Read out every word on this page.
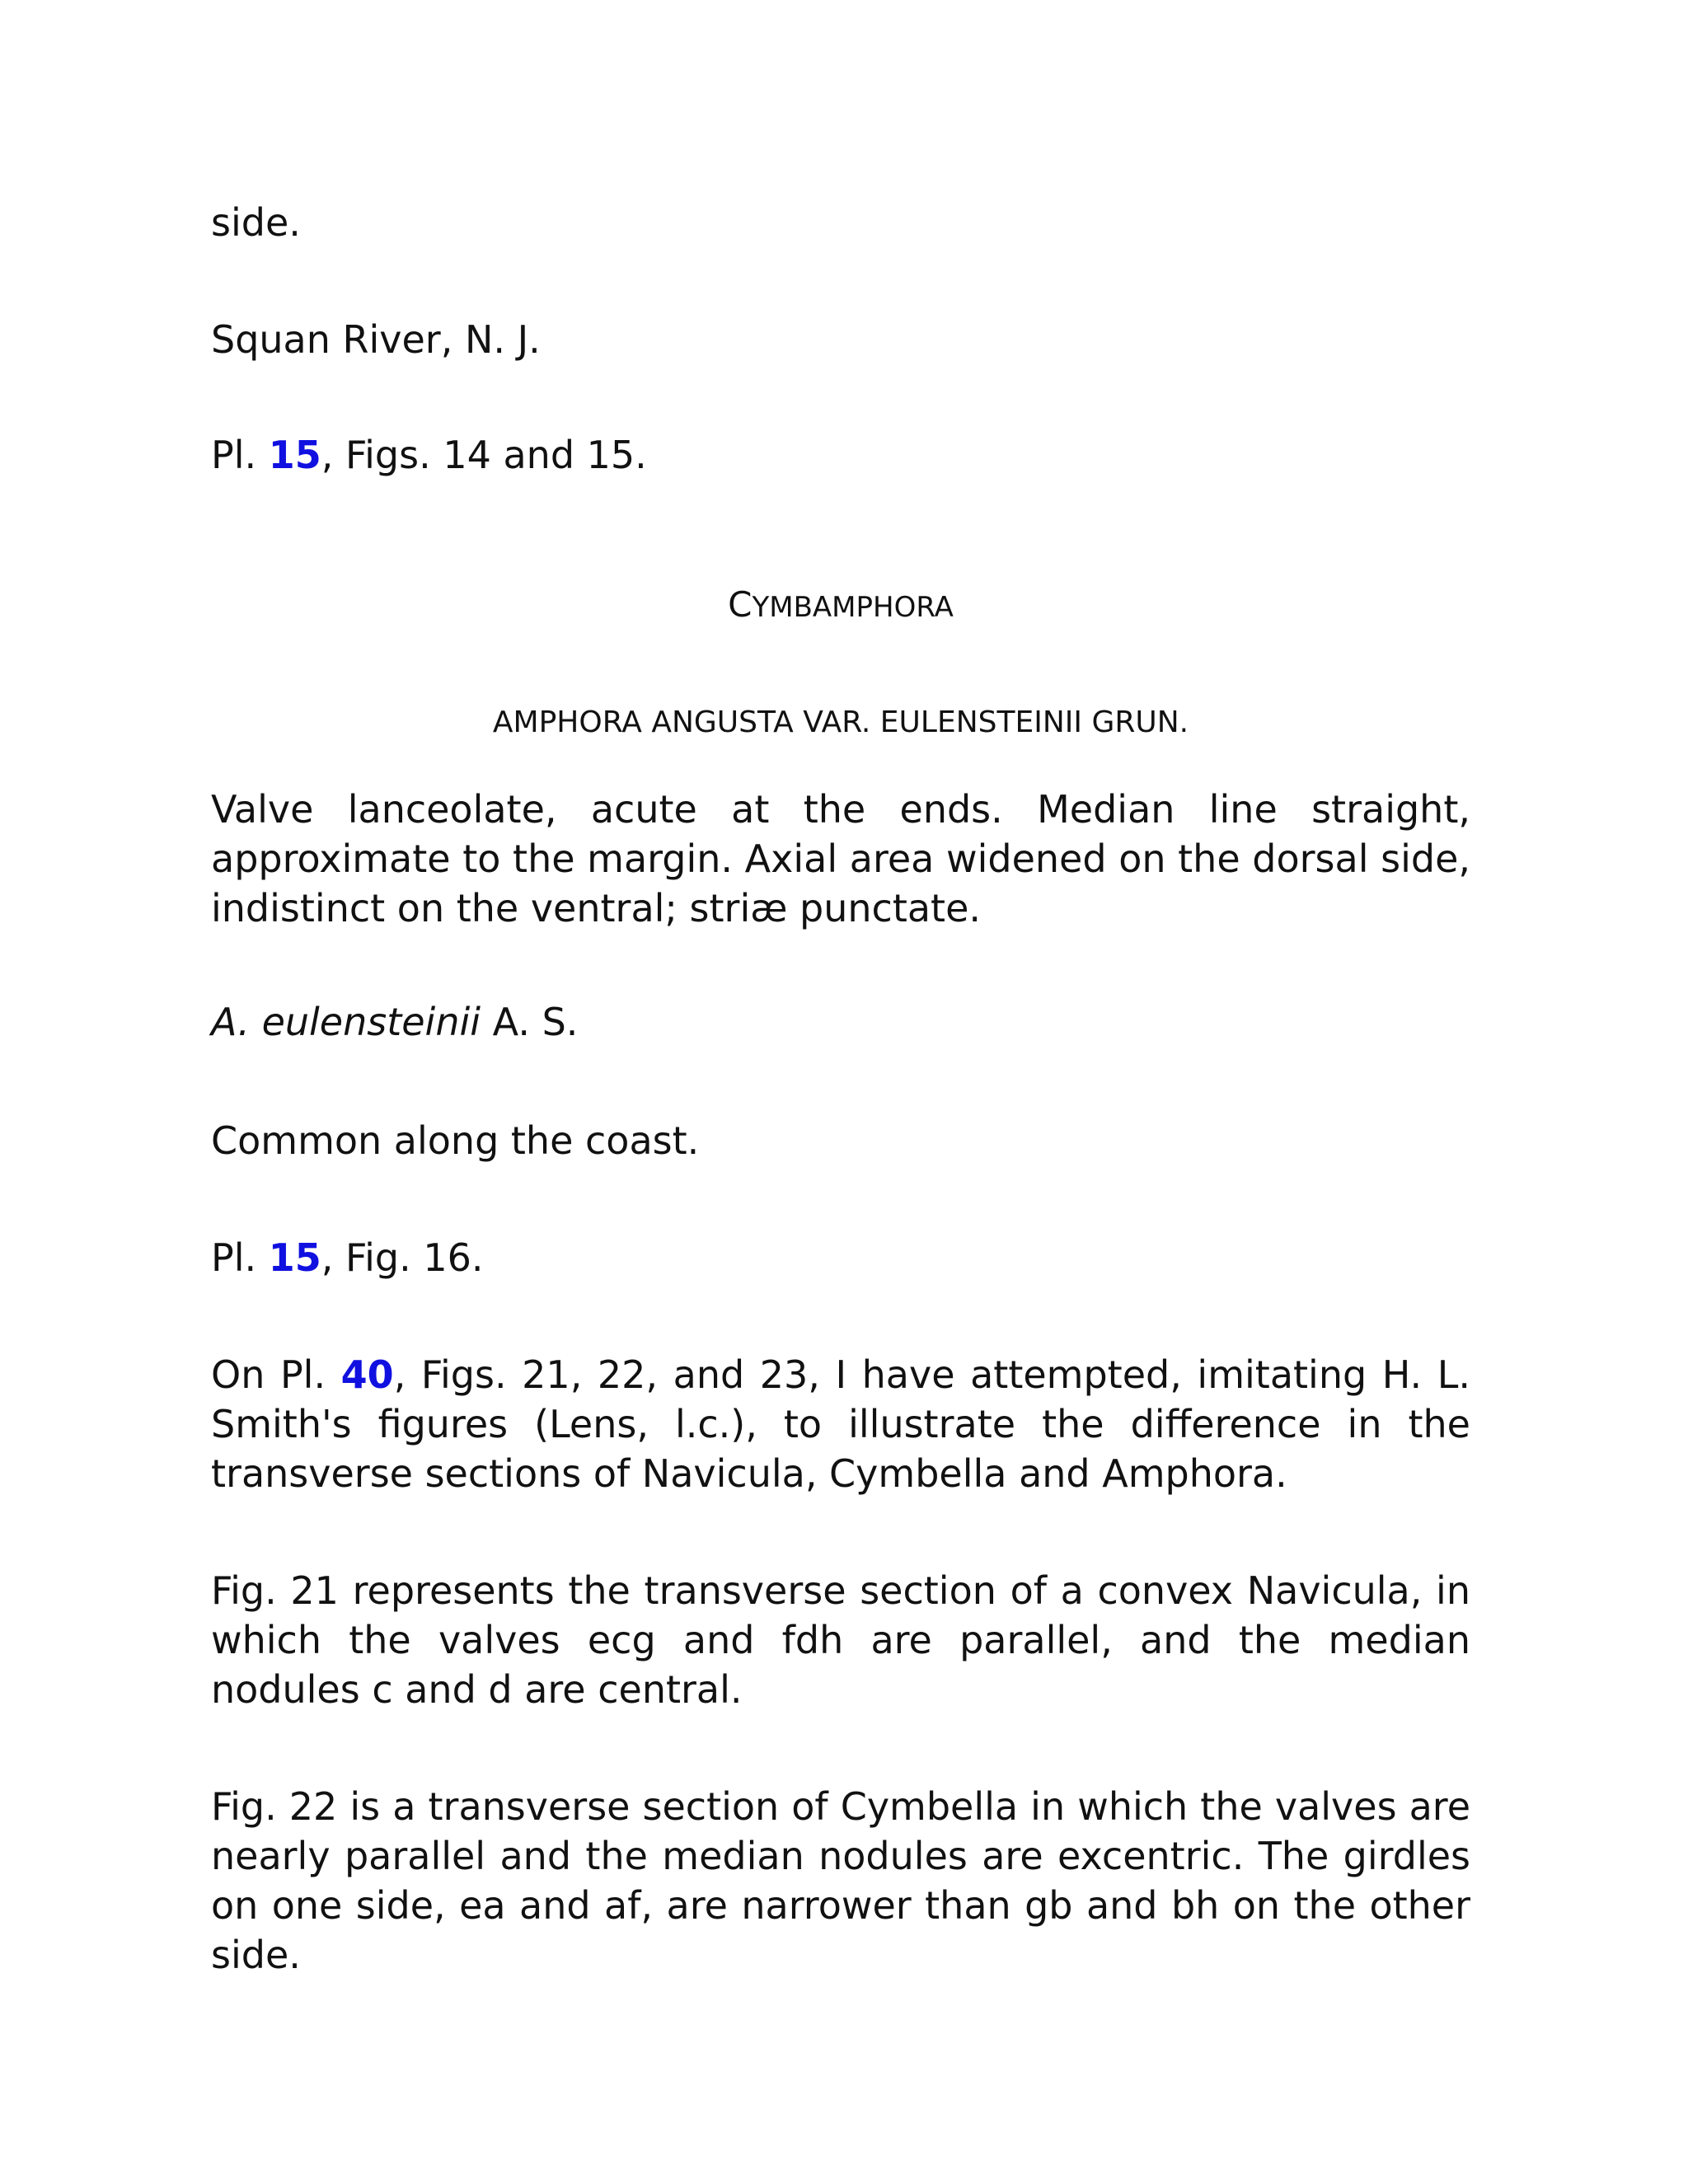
side.

Squan River, N. J.

Pl. 15, Figs. 14 and 15.

CYMBAMPHORA
AMPHORA ANGUSTA VAR. EULENSTEINII GRUN.

Valve lanceolate, acute at the ends. Median line straight, approximate to the margin. Axial area widened on the dorsal side, indistinct on the ventral; striæ punctate.

A. eulensteinii A. S.

Common along the coast.

Pl. 15, Fig. 16.

On Pl. 40, Figs. 21, 22, and 23, I have attempted, imitating H. L. Smith's figures (Lens, l.c.), to illustrate the difference in the transverse sections of Navicula, Cymbella and Amphora.

Fig. 21 represents the transverse section of a convex Navicula, in which the valves ecg and fdh are parallel, and the median nodules c and d are central.

Fig. 22 is a transverse section of Cymbella in which the valves are nearly parallel and the median nodules are excentric. The girdles on one side, ea and af, are narrower than gb and bh on the other side.
